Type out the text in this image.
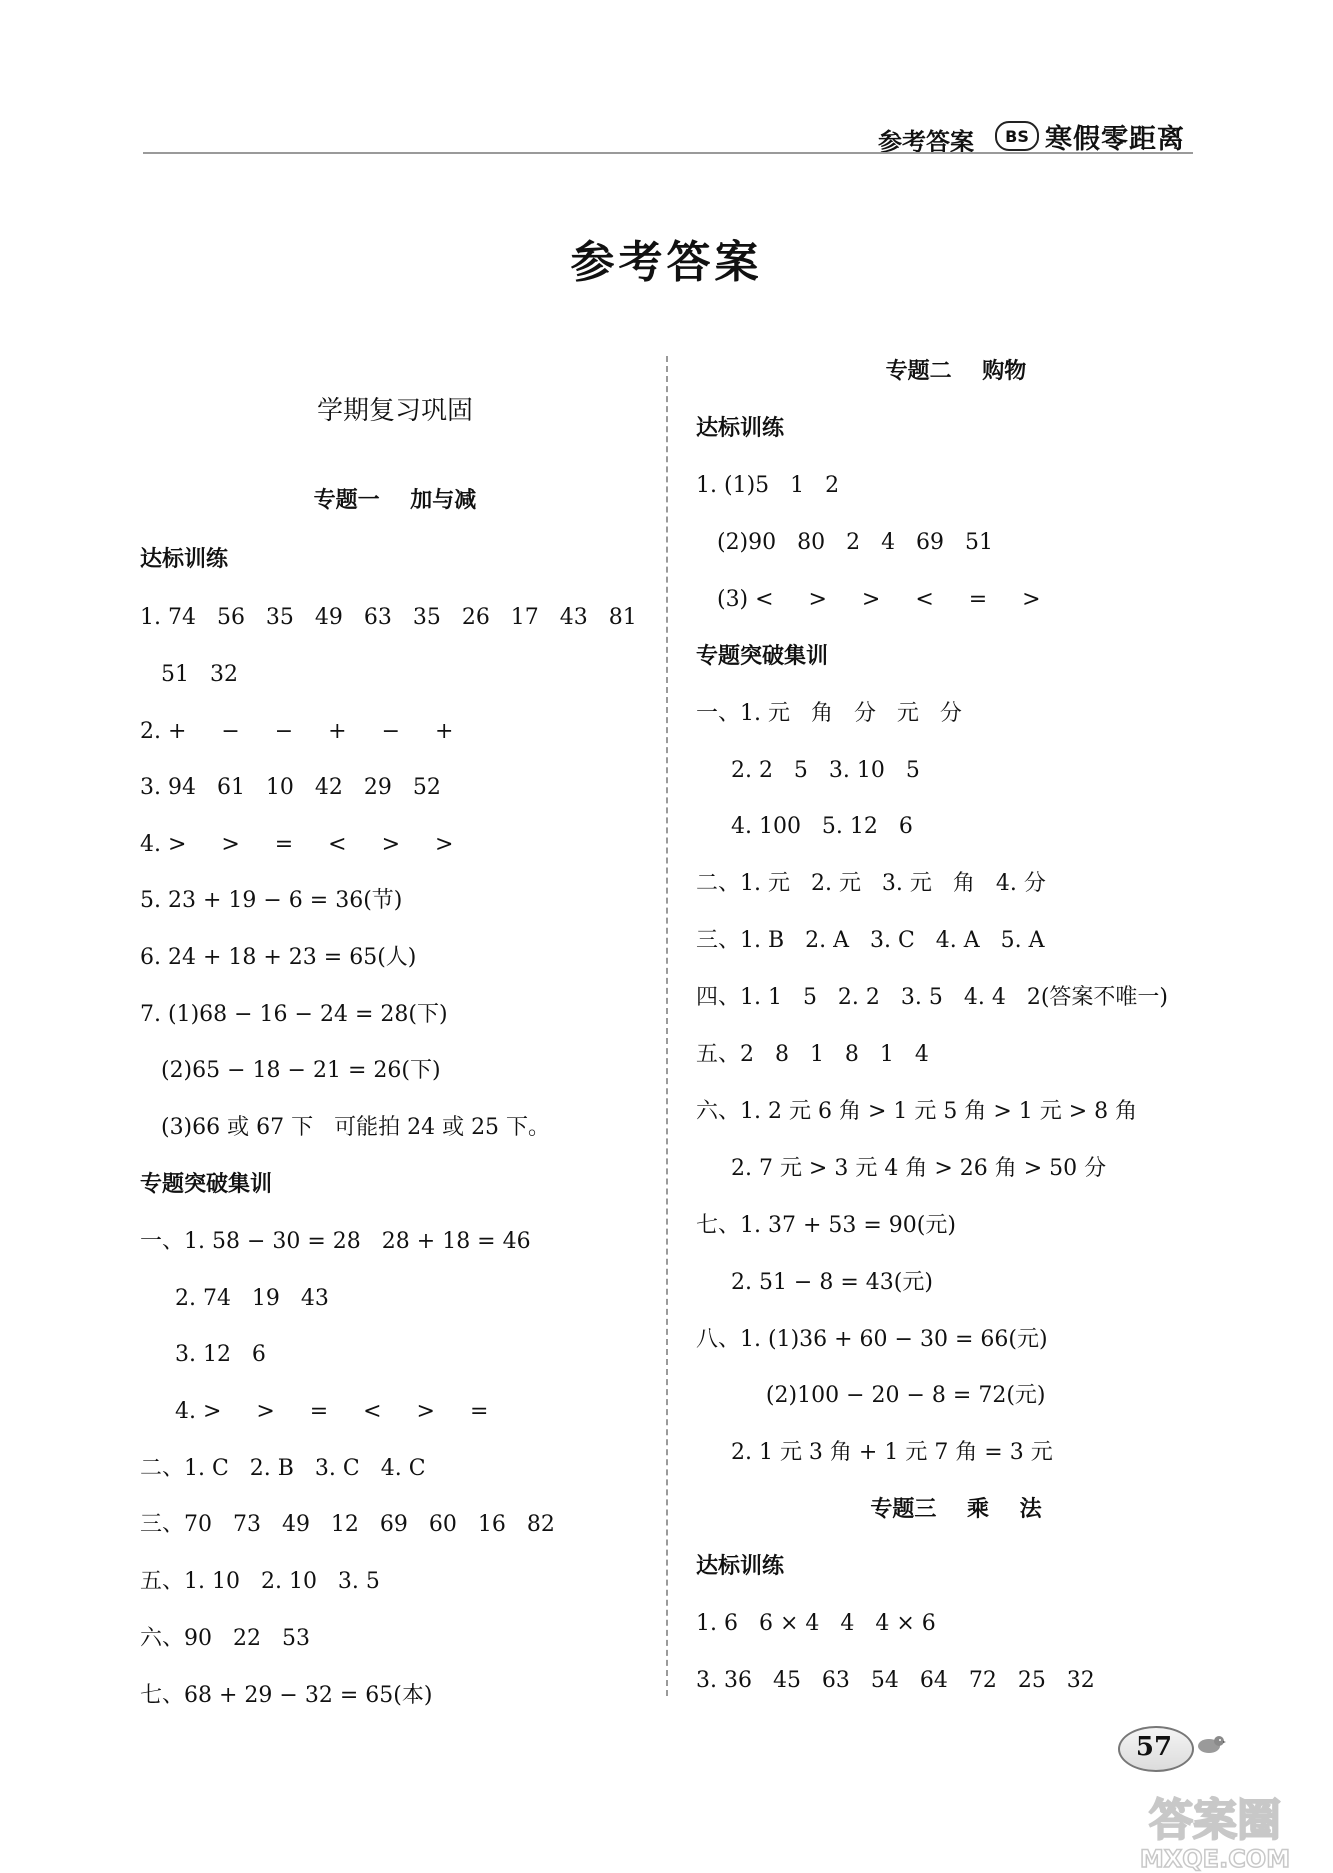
参考答案	BS 寒假零距离
参考答案
学期复习巩固
专题一    加与减
达标训练
1. 74   56   35   49   63   35   26   17   43   81
51   32
2. +     −     −     +     −     +
3. 94   61   10   42   29   52
4. >     >     =     <     >     >
5. 23 + 19 − 6 = 36(节)
6. 24 + 18 + 23 = 65(人)
7. (1)68 − 16 − 24 = 28(下)
(2)65 − 18 − 21 = 26(下)
(3)66 或 67 下   可能拍 24 或 25 下。
专题突破集训
一、1. 58 − 30 = 28   28 + 18 = 46
2. 74   19   43
3. 12   6
4. >     >     =     <     >     =
二、1. C   2. B   3. C   4. C
三、70   73   49   12   69   60   16   82
五、1. 10   2. 10   3. 5
六、90   22   53
七、68 + 29 − 32 = 65(本)
专题二    购物
达标训练
1. (1)5   1   2
(2)90   80   2   4   69   51
(3) <     >     >     <     =     >
专题突破集训
一、1. 元   角   分   元   分
2. 2   5   3. 10   5
4. 100   5. 12   6
二、1. 元   2. 元   3. 元   角   4. 分
三、1. B   2. A   3. C   4. A   5. A
四、1. 1   5   2. 2   3. 5   4. 4   2(答案不唯一)
五、2   8   1   8   1   4
六、1. 2 元 6 角 > 1 元 5 角 > 1 元 > 8 角
2. 7 元 > 3 元 4 角 > 26 角 > 50 分
七、1. 37 + 53 = 90(元)
2. 51 − 8 = 43(元)
八、1. (1)36 + 60 − 30 = 66(元)
(2)100 − 20 − 8 = 72(元)
2. 1 元 3 角 + 1 元 7 角 = 3 元
专题三    乘    法
达标训练
1. 6   6 × 4   4   4 × 6
3. 36   45   63   54   64   72   25   32
57
答案圈
MXQE.COM
